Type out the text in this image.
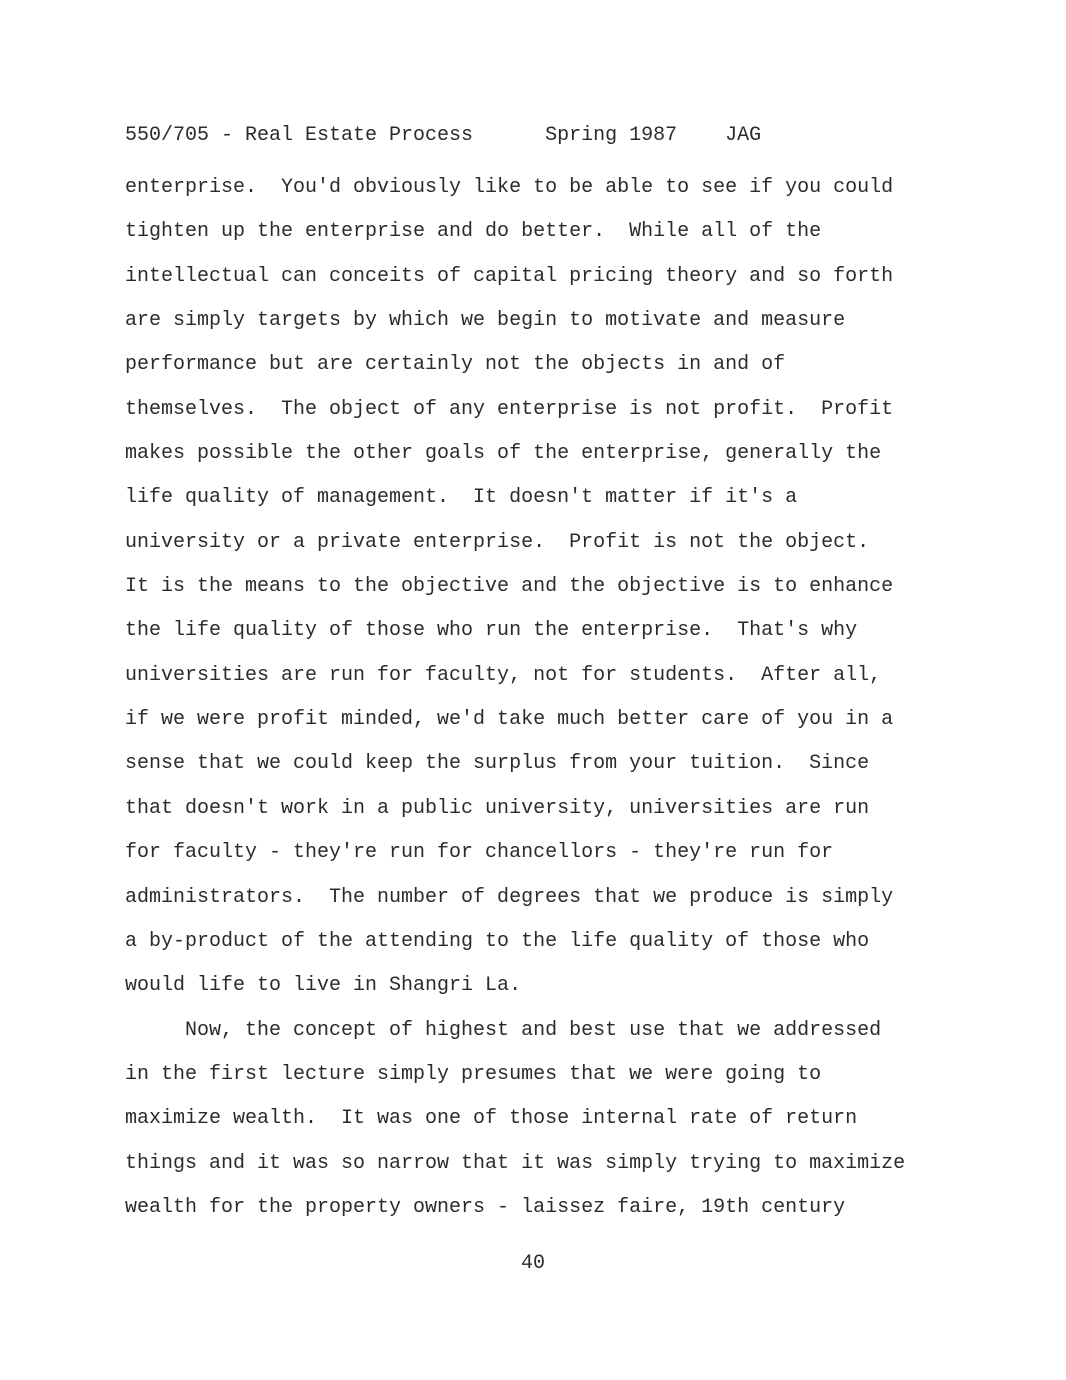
550/705 - Real Estate Process	Spring 1987 JAG
enterprise.  You'd obviously like to be able to see if you could
tighten up the enterprise and do better.  While all of the
intellectual can conceits of capital pricing theory and so forth
are simply targets by which we begin to motivate and measure
performance but are certainly not the objects in and of
themselves.  The object of any enterprise is not profit.  Profit
makes possible the other goals of the enterprise, generally the
life quality of management.  It doesn't matter if it's a
university or a private enterprise.  Profit is not the object.
It is the means to the objective and the objective is to enhance
the life quality of those who run the enterprise.  That's why
universities are run for faculty, not for students.  After all,
if we were profit minded, we'd take much better care of you in a
sense that we could keep the surplus from your tuition.  Since
that doesn't work in a public university, universities are run
for faculty - they're run for chancellors - they're run for
administrators.  The number of degrees that we produce is simply
a by-product of the attending to the life quality of those who
would life to live in Shangri La.
Now, the concept of highest and best use that we addressed
in the first lecture simply presumes that we were going to
maximize wealth.  It was one of those internal rate of return
things and it was so narrow that it was simply trying to maximize
wealth for the property owners - laissez faire, 19th century
40
